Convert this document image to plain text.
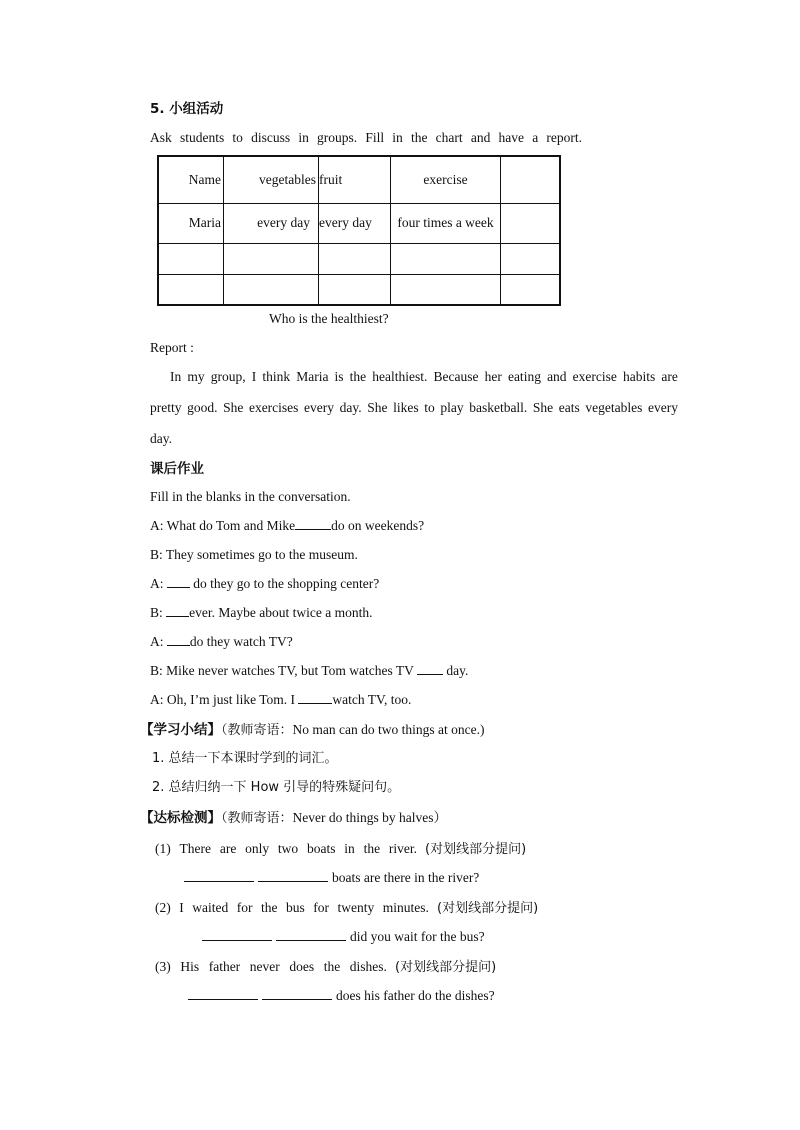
5. 小组活动
Ask students to discuss in groups. Fill in the chart and have a report.
Name	vegetables	fruit	exercise	
Maria	every day	every day	four times a week	

Who is the healthiest?
Report :
In my group, I think Maria is the healthiest. Because her eating and exercise habits are
pretty good. She exercises every day. She likes to play basketball. She eats vegetables every
day.
课后作业
Fill in the blanks in the conversation.
A: What do Tom and Mike	do on weekends?
B: They sometimes go to the museum.
A:  do they go to the shopping center?
B: ever. Maybe about twice a month.
A: do they watch TV?
B: Mike never watches TV, but Tom watches TV  day.
A: Oh, I’m just like Tom. I	watch TV, too.
【学习小结】（教师寄语：No man can do two things at once.)
1. 总结一下本课时学到的词汇。
2. 总结归纳一下 How 引导的特殊疑问句。
【达标检测】（教师寄语：Never do things by halves）
(1) There are only two boats in the river. (对划线部分提问)
boats are there in the river?
(2) I waited for the bus for twenty minutes. (对划线部分提问)
did you wait for the bus?
(3) His father never does the dishes. (对划线部分提问)
does his father do the dishes?
